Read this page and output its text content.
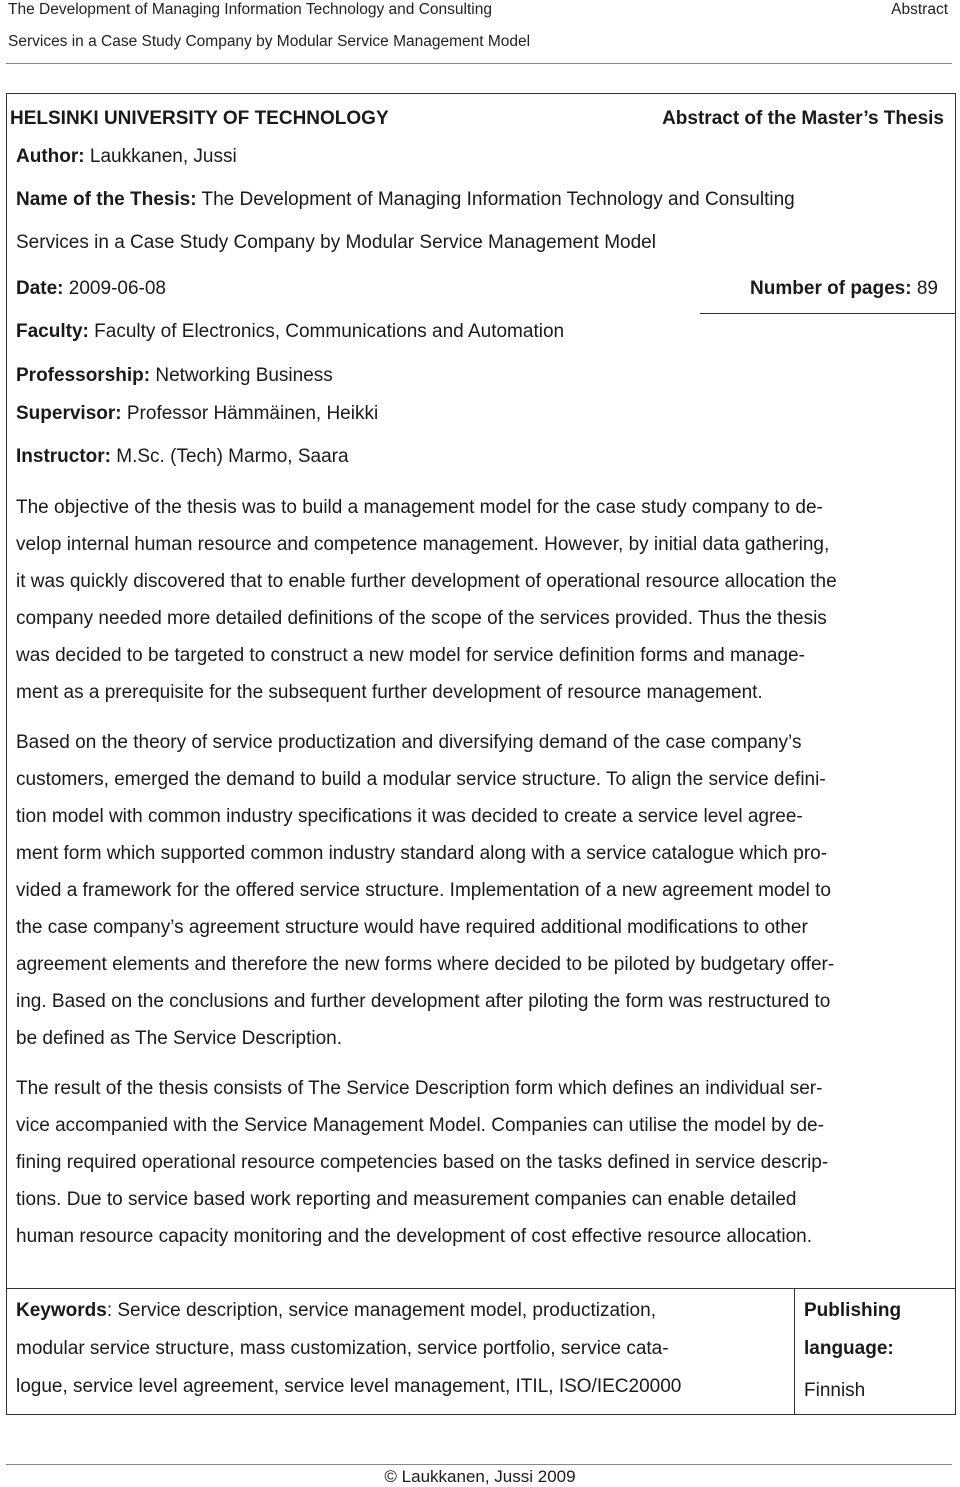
The Development of Managing Information Technology and Consulting
Services in a Case Study Company by Modular Service Management Model
Abstract
HELSINKI UNIVERSITY OF TECHNOLOGY	Abstract of the Master’s Thesis
Author: Laukkanen, Jussi
Name of the Thesis: The Development of Managing Information Technology and Consulting
Services in a Case Study Company by Modular Service Management Model
Date: 2009-06-08	Number of pages: 89
Faculty: Faculty of Electronics, Communications and Automation
Professorship: Networking Business
Supervisor: Professor Hämmäinen, Heikki
Instructor: M.Sc. (Tech) Marmo, Saara
The objective of the thesis was to build a management model for the case study company to de-
velop internal human resource and competence management. However, by initial data gathering,
it was quickly discovered that to enable further development of operational resource allocation the
company needed more detailed definitions of the scope of the services provided. Thus the thesis
was decided to be targeted to construct a new model for service definition forms and manage-
ment as a prerequisite for the subsequent further development of resource management.
Based on the theory of service productization and diversifying demand of the case company’s
customers, emerged the demand to build a modular service structure. To align the service defini-
tion model with common industry specifications it was decided to create a service level agree-
ment form which supported common industry standard along with a service catalogue which pro-
vided a framework for the offered service structure. Implementation of a new agreement model to
the case company’s agreement structure would have required additional modifications to other
agreement elements and therefore the new forms where decided to be piloted by budgetary offer-
ing. Based on the conclusions and further development after piloting the form was restructured to
be defined as The Service Description.
The result of the thesis consists of The Service Description form which defines an individual ser-
vice accompanied with the Service Management Model. Companies can utilise the model by de-
fining required operational resource competencies based on the tasks defined in service descrip-
tions. Due to service based work reporting and measurement companies can enable detailed
human resource capacity monitoring and the development of cost effective resource allocation.
Keywords: Service description, service management model, productization,
modular service structure, mass customization, service portfolio, service cata-
logue, service level agreement, service level management, ITIL, ISO/IEC20000
Publishing
language:
Finnish
© Laukkanen, Jussi 2009
